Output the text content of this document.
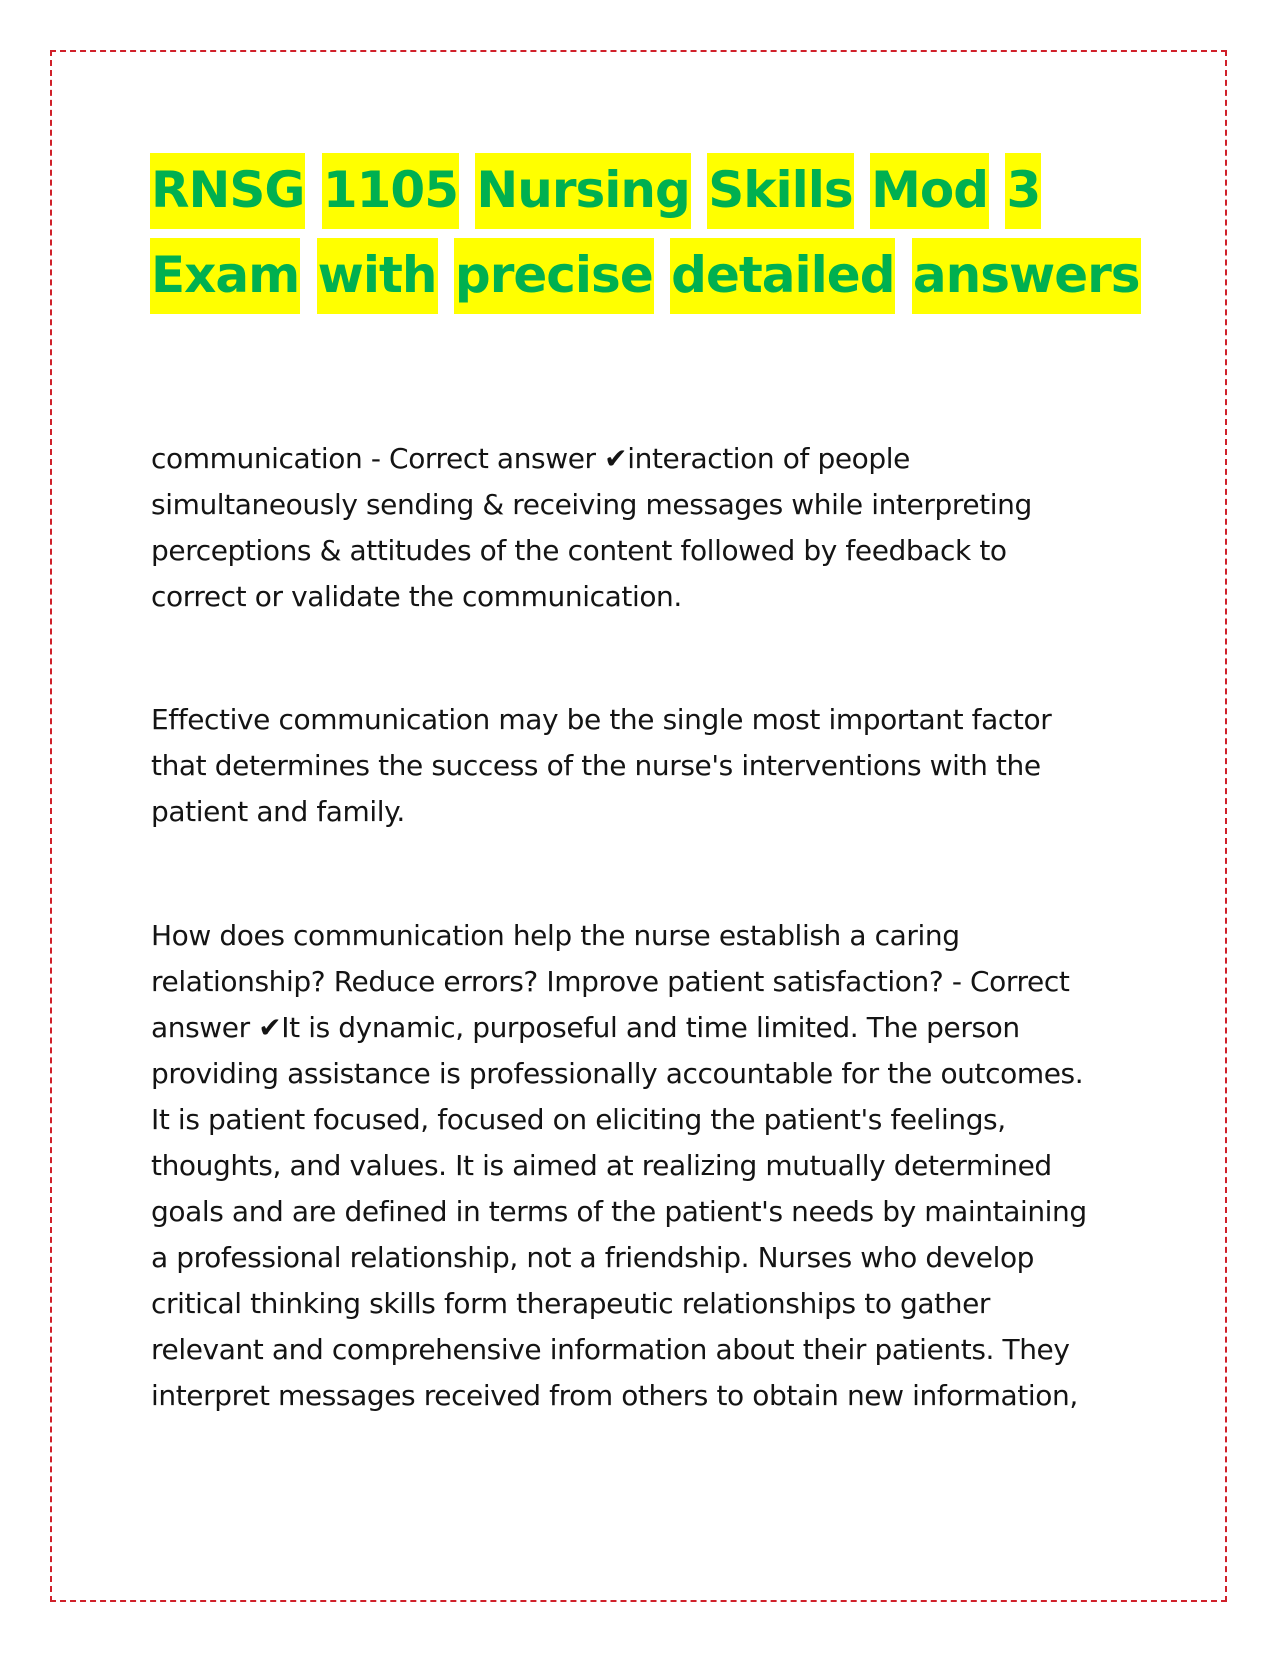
RNSG 1105 Nursing Skills Mod 3
Exam with precise detailed answers

communication - Correct answer ✔interaction of people
simultaneously sending & receiving messages while interpreting
perceptions & attitudes of the content followed by feedback to
correct or validate the communication.

Effective communication may be the single most important factor
that determines the success of the nurse's interventions with the
patient and family.

How does communication help the nurse establish a caring
relationship? Reduce errors? Improve patient satisfaction? - Correct
answer ✔It is dynamic, purposeful and time limited. The person
providing assistance is professionally accountable for the outcomes.
It is patient focused, focused on eliciting the patient's feelings,
thoughts, and values. It is aimed at realizing mutually determined
goals and are defined in terms of the patient's needs by maintaining
a professional relationship, not a friendship. Nurses who develop
critical thinking skills form therapeutic relationships to gather
relevant and comprehensive information about their patients. They
interpret messages received from others to obtain new information,
